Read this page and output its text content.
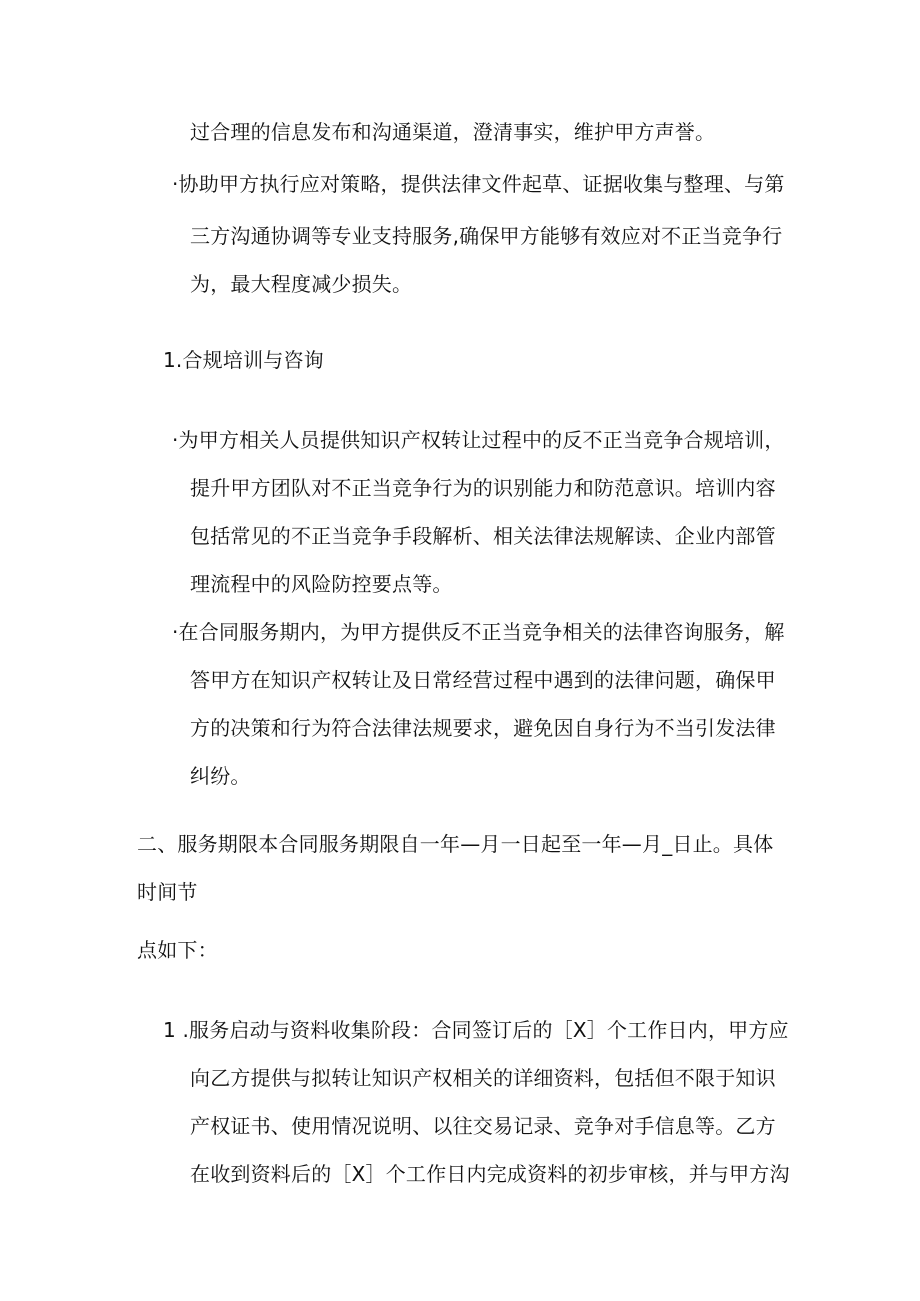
过合理的信息发布和沟通渠道，澄清事实，维护甲方声誉。
·协助甲方执行应对策略，提供法律文件起草、证据收集与整理、与第
三方沟通协调等专业支持服务,确保甲方能够有效应对不正当竞争行
为，最大程度减少损失。
1.合规培训与咨询
·为甲方相关人员提供知识产权转让过程中的反不正当竞争合规培训，
提升甲方团队对不正当竞争行为的识别能力和防范意识。培训内容
包括常见的不正当竞争手段解析、相关法律法规解读、企业内部管
理流程中的风险防控要点等。
·在合同服务期内，为甲方提供反不正当竞争相关的法律咨询服务，解
答甲方在知识产权转让及日常经营过程中遇到的法律问题，确保甲
方的决策和行为符合法律法规要求，避免因自身行为不当引发法律
纠纷。
二、服务期限本合同服务期限自一年—月一日起至一年—月_日止。具体
时间节
点如下：
1 .服务启动与资料收集阶段：合同签订后的［X］个工作日内，甲方应
向乙方提供与拟转让知识产权相关的详细资料，包括但不限于知识
产权证书、使用情况说明、以往交易记录、竞争对手信息等。乙方
在收到资料后的［X］个工作日内完成资料的初步审核，并与甲方沟
